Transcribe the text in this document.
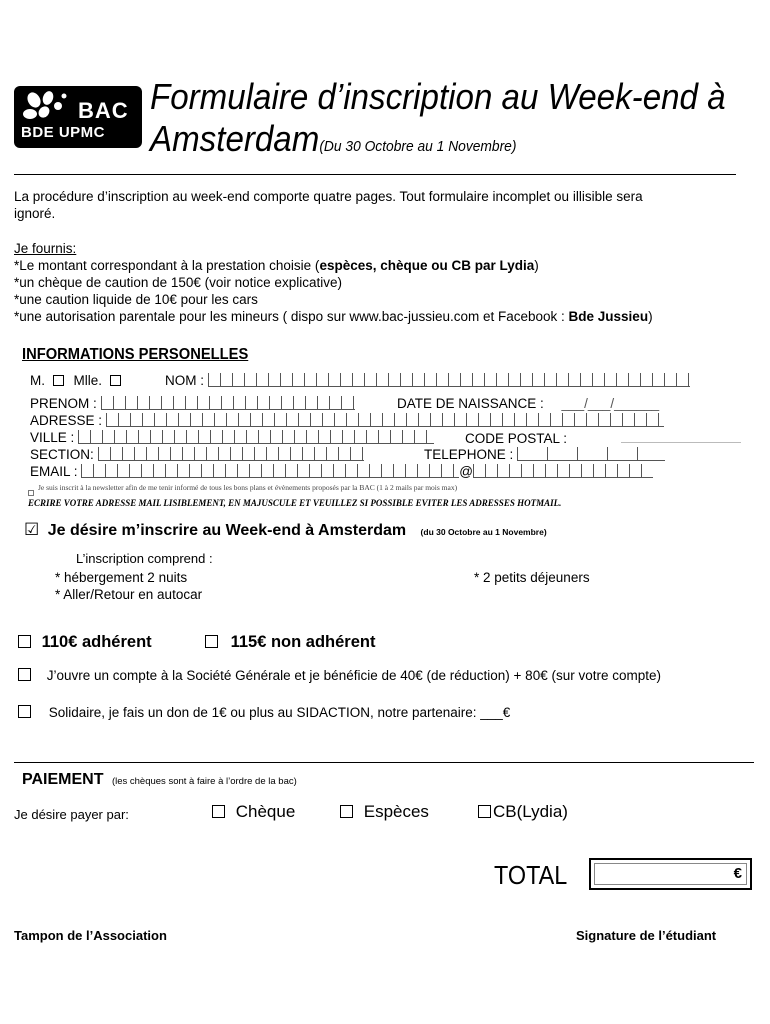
BAC
BDE UPMC
Formulaire d’inscription au Week-end à
Amsterdam(Du 30 Octobre au 1 Novembre)
La procédure d’inscription au week-end comporte quatre pages. Tout formulaire incomplet ou illisible sera
ignoré.
Je fournis:
*Le montant correspondant à la prestation choisie (espèces, chèque ou CB par Lydia)
*un chèque de caution de 150€ (voir notice explicative)
*une caution liquide de 10€ pour les cars
*une autorisation parentale pour les mineurs ( dispo sur www.bac-jussieu.com et Facebook : Bde Jussieu)
INFORMATIONS PERSONELLES
M. Mlle.	NOM :
PRENOM :	DATE DE NAISSANCE : ___/___/______
ADRESSE :
VILLE :	CODE POSTAL :
SECTION:	TELEPHONE :
EMAIL :	@
Je suis inscrit à la newsletter afin de me tenir informé de tous les bons plans et évènements proposés par la BAC (1 à 2 mails par mois max)
ECRIRE VOTRE ADRESSE MAIL LISIBLEMENT, EN MAJUSCULE ET VEUILLEZ SI POSSIBLE EVITER LES ADRESSES HOTMAIL.
☑ Je désire m’inscrire au Week-end à Amsterdam (du 30 Octobre au 1 Novembre)
L’inscription comprend :
* hébergement 2 nuits	* 2 petits déjeuners
* Aller/Retour en autocar
110€ adhérent	115€ non adhérent
J’ouvre un compte à la Société Générale et je bénéficie de 40€ (de réduction) + 80€ (sur votre compte)
Solidaire, je fais un don de 1€ ou plus au SIDACTION, notre partenaire: ___€
PAIEMENT (les chèques sont à faire à l’ordre de la bac)
Je désire payer par:	Chèque	Espèces	CB(Lydia)
TOTAL	€
Tampon de l’Association	Signature de l’étudiant
